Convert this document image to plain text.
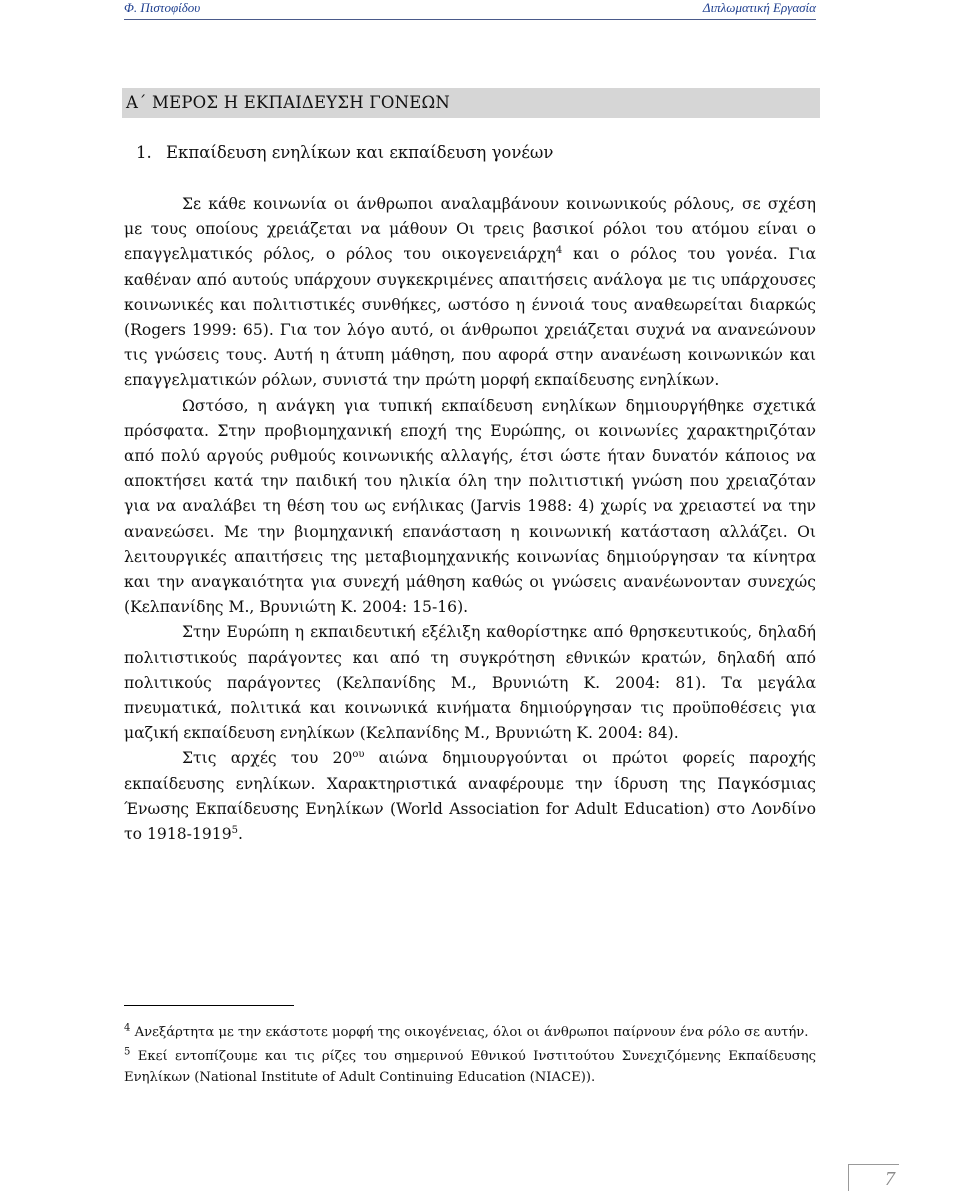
Φ. Πιστοφίδου	Διπλωματική Εργασία
Α΄ ΜΕΡΟΣ Η ΕΚΠΑΙΔΕΥΣΗ ΓΟΝΕΩΝ
1. Εκπαίδευση ενηλίκων και εκπαίδευση γονέων

Σε κάθε κοινωνία οι άνθρωποι αναλαμβάνουν κοινωνικούς ρόλους, σε σχέση με τους οποίους χρειάζεται να μάθουν Οι τρεις βασικοί ρόλοι του ατόμου είναι ο επαγγελματικός ρόλος, ο ρόλος του οικογενειάρχη$^4$ και ο ρόλος του γονέα. Για καθέναν από αυτούς υπάρχουν συγκεκριμένες απαιτήσεις ανάλογα με τις υπάρχουσες κοινωνικές και πολιτιστικές συνθήκες, ωστόσο η έννοιά τους αναθεωρείται διαρκώς (Rogers 1999: 65). Για τον λόγο αυτό, οι άνθρωποι χρειάζεται συχνά να ανανεώνουν τις γνώσεις τους. Αυτή η άτυπη μάθηση, που αφορά στην ανανέωση κοινωνικών και επαγγελματικών ρόλων, συνιστά την πρώτη μορφή εκπαίδευσης ενηλίκων.

Ωστόσο, η ανάγκη για τυπική εκπαίδευση ενηλίκων δημιουργήθηκε σχετικά πρόσφατα. Στην προβιομηχανική εποχή της Ευρώπης, οι κοινωνίες χαρακτηριζόταν από πολύ αργούς ρυθμούς κοινωνικής αλλαγής, έτσι ώστε ήταν δυνατόν κάποιος να αποκτήσει κατά την παιδική του ηλικία όλη την πολιτιστική γνώση που χρειαζόταν για να αναλάβει τη θέση του ως ενήλικας (Jarvis 1988: 4) χωρίς να χρειαστεί να την ανανεώσει. Με την βιομηχανική επανάσταση η κοινωνική κατάσταση αλλάζει. Οι λειτουργικές απαιτήσεις της μεταβιομηχανικής κοινωνίας δημιούργησαν τα κίνητρα και την αναγκαιότητα για συνεχή μάθηση καθώς οι γνώσεις ανανέωνονταν συνεχώς (Κελπανίδης Μ., Βρυνιώτη Κ. 2004: 15-16).

Στην Ευρώπη η εκπαιδευτική εξέλιξη καθορίστηκε από θρησκευτικούς, δηλαδή πολιτιστικούς παράγοντες και από τη συγκρότηση εθνικών κρατών, δηλαδή από πολιτικούς παράγοντες (Κελπανίδης Μ., Βρυνιώτη Κ. 2004: 81). Τα μεγάλα πνευματικά, πολιτικά και κοινωνικά κινήματα δημιούργησαν τις προϋποθέσεις για μαζική εκπαίδευση ενηλίκων (Κελπανίδης Μ., Βρυνιώτη Κ. 2004: 84).

Στις αρχές του $20^{o\upsilon}$ αιώνα δημιουργούνται οι πρώτοι φορείς παροχής εκπαίδευσης ενηλίκων. Χαρακτηριστικά αναφέρουμε την ίδρυση της Παγκόσμιας Ένωσης Εκπαίδευσης Ενηλίκων (World Association for Adult Education) στο Λονδίνο το 1918-1919$^5$.

$^4$ Ανεξάρτητα με την εκάστοτε μορφή της οικογένειας, όλοι οι άνθρωποι παίρνουν ένα ρόλο σε αυτήν.

$^5$ Εκεί εντοπίζουμε και τις ρίζες του σημερινού Εθνικού Ινστιτούτου Συνεχιζόμενης Εκπαίδευσης Ενηλίκων (National Institute of Adult Continuing Education (NIACE)).

7
